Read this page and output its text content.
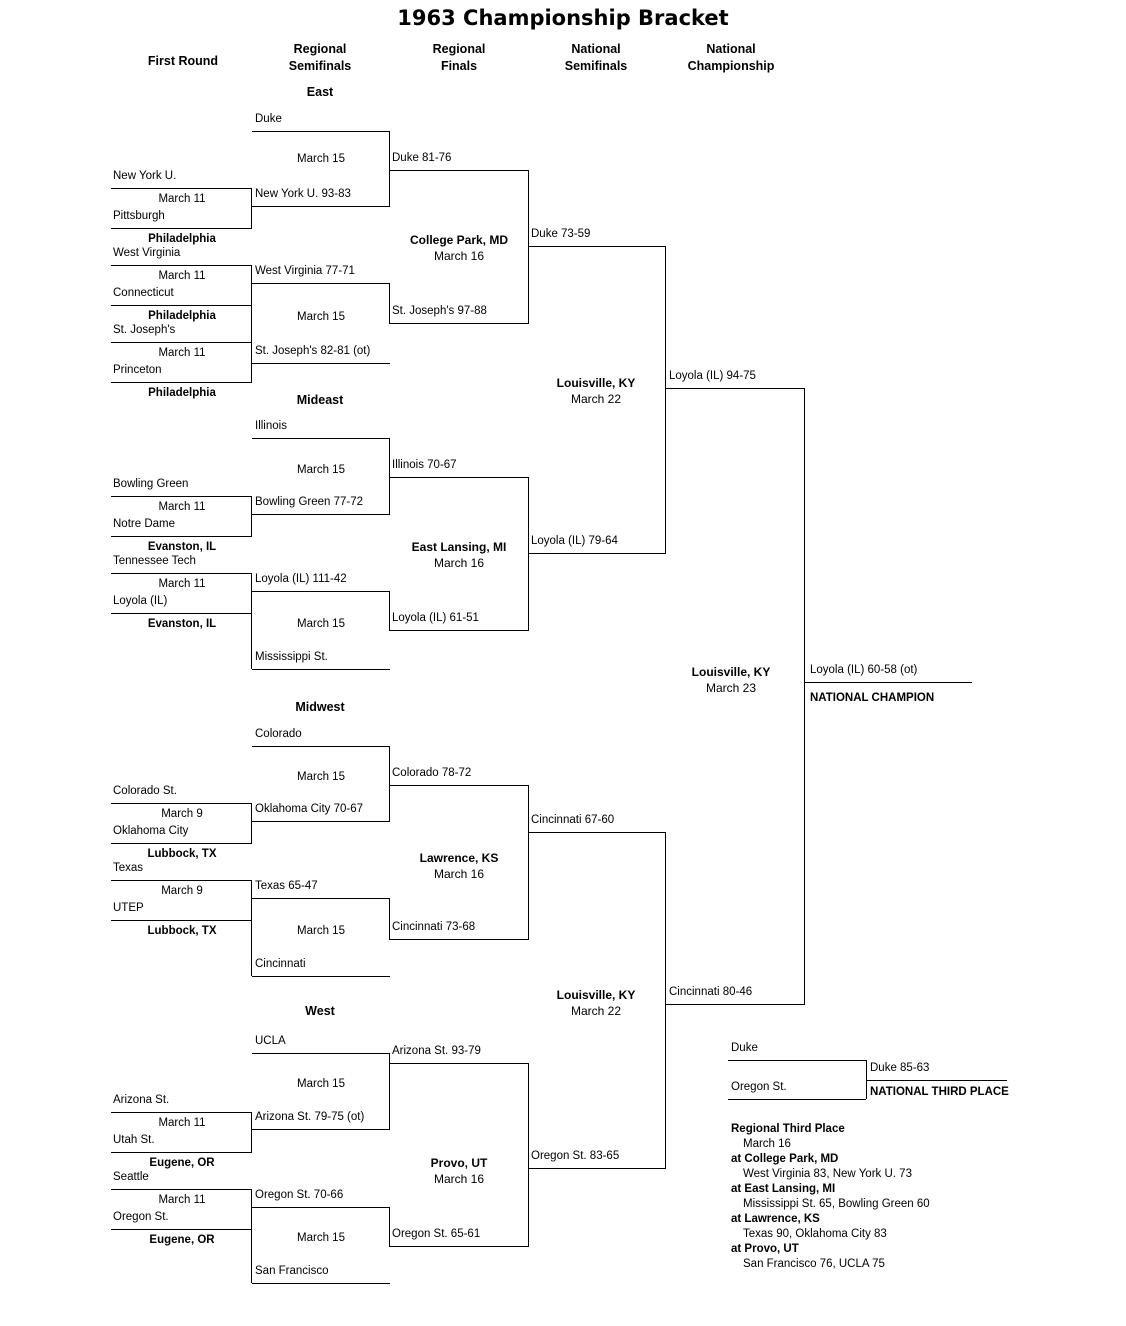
1963 Championship Bracket
First Round
Regional
Semifinals
Regional
Finals
National
Semifinals
National
Championship
East
Duke
New York U.
March 11
Pittsburgh
Philadelphia
March 15
New York U. 93-83
Duke 81-76
West Virginia
March 11
Connecticut
Philadelphia
St. Joseph's
March 11
Princeton
Philadelphia
West Virginia 77-71
March 15
St. Joseph's 82-81 (ot)
St. Joseph's 97-88
College Park, MD
March 16
Duke 73-59
Mideast
Illinois
Bowling Green
March 11
Notre Dame
Evanston, IL
March 15
Bowling Green 77-72
Illinois 70-67
Tennessee Tech
March 11
Loyola (IL)
Evanston, IL
Loyola (IL) 111-42
March 15
Mississippi St.
Loyola (IL) 61-51
East Lansing, MI
March 16
Loyola (IL) 79-64
Louisville, KY
March 22
Loyola (IL) 94-75
Midwest
Colorado
Colorado St.
March 9
Oklahoma City
Lubbock, TX
March 15
Oklahoma City 70-67
Colorado 78-72
Texas
March 9
UTEP
Lubbock, TX
Texas 65-47
March 15
Cincinnati
Cincinnati 73-68
Lawrence, KS
March 16
Cincinnati 67-60
West
UCLA
Arizona St.
March 11
Utah St.
Eugene, OR
March 15
Arizona St. 79-75 (ot)
Arizona St. 93-79
Seattle
March 11
Oregon St.
Eugene, OR
Oregon St. 70-66
March 15
San Francisco
Oregon St. 65-61
Provo, UT
March 16
Oregon St. 83-65
Louisville, KY
March 22
Cincinnati 80-46
Louisville, KY
March 23
Loyola (IL) 60-58 (ot)
NATIONAL CHAMPION
Duke
Oregon St.
Duke 85-63
NATIONAL THIRD PLACE
Regional Third Place
March 16
at College Park, MD
West Virginia 83, New York U. 73
at East Lansing, MI
Mississippi St. 65, Bowling Green 60
at Lawrence, KS
Texas 90, Oklahoma City 83
at Provo, UT
San Francisco 76, UCLA 75
